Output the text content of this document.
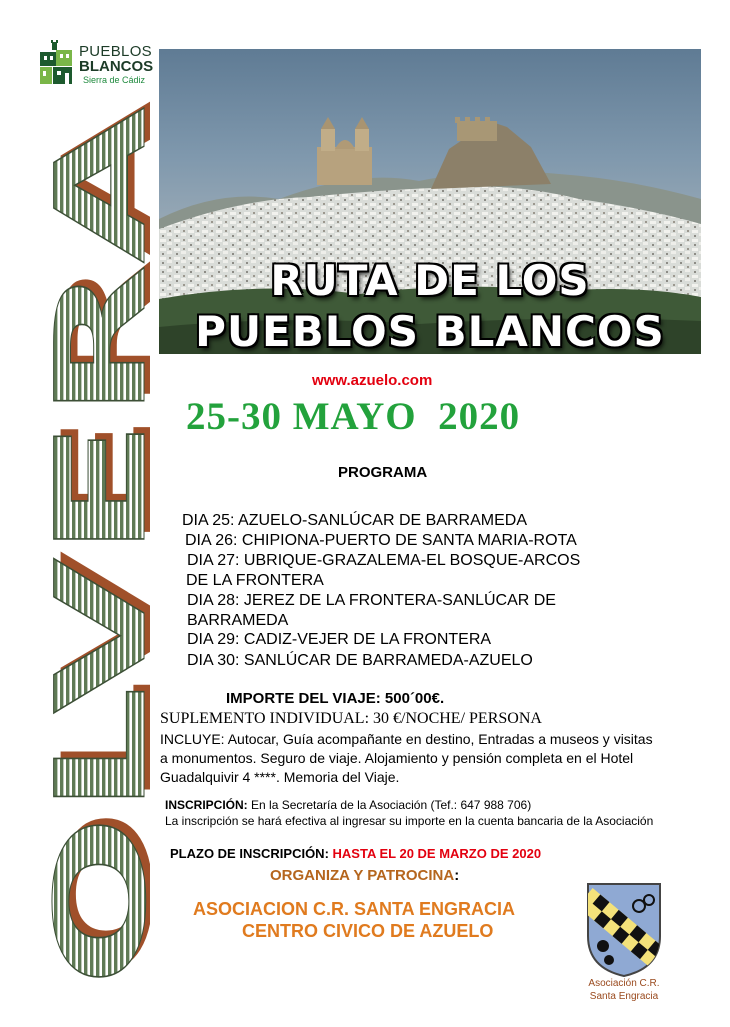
PUEBLOS
BLANCOS
Sierra de Cádiz
OLVERA
OLVERA
RUTA DE LOS
PUEBLOS BLANCOS
www.azuelo.com
25-30 MAYO  2020
PROGRAMA
DIA 25: AZUELO-SANLÚCAR DE BARRAMEDA
DIA 26: CHIPIONA-PUERTO DE SANTA MARIA-ROTA
DIA 27: UBRIQUE-GRAZALEMA-EL BOSQUE-ARCOS
DE LA FRONTERA
DIA 28: JEREZ DE LA FRONTERA-SANLÚCAR DE
BARRAMEDA
DIA 29: CADIZ-VEJER DE LA FRONTERA
DIA 30: SANLÚCAR DE BARRAMEDA-AZUELO
IMPORTE DEL VIAJE: 500´00€.
SUPLEMENTO INDIVIDUAL: 30 €/NOCHE/ PERSONA
INCLUYE: Autocar, Guía acompañante en destino, Entradas a museos y visitas a monumentos. Seguro de viaje. Alojamiento y pensión completa en el Hotel Guadalquivir 4 ****. Memoria del Viaje.
INSCRIPCIÓN: En la Secretaría de la Asociación (Tef.: 647 988 706)
La inscripción se hará efectiva al ingresar su importe en la cuenta bancaria de la Asociación
PLAZO DE INSCRIPCIÓN: HASTA EL 20 DE MARZO DE 2020
ORGANIZA Y PATROCINA:
ASOCIACION C.R. SANTA ENGRACIA
CENTRO CIVICO DE AZUELO
Asociación C.R.
Santa Engracia
